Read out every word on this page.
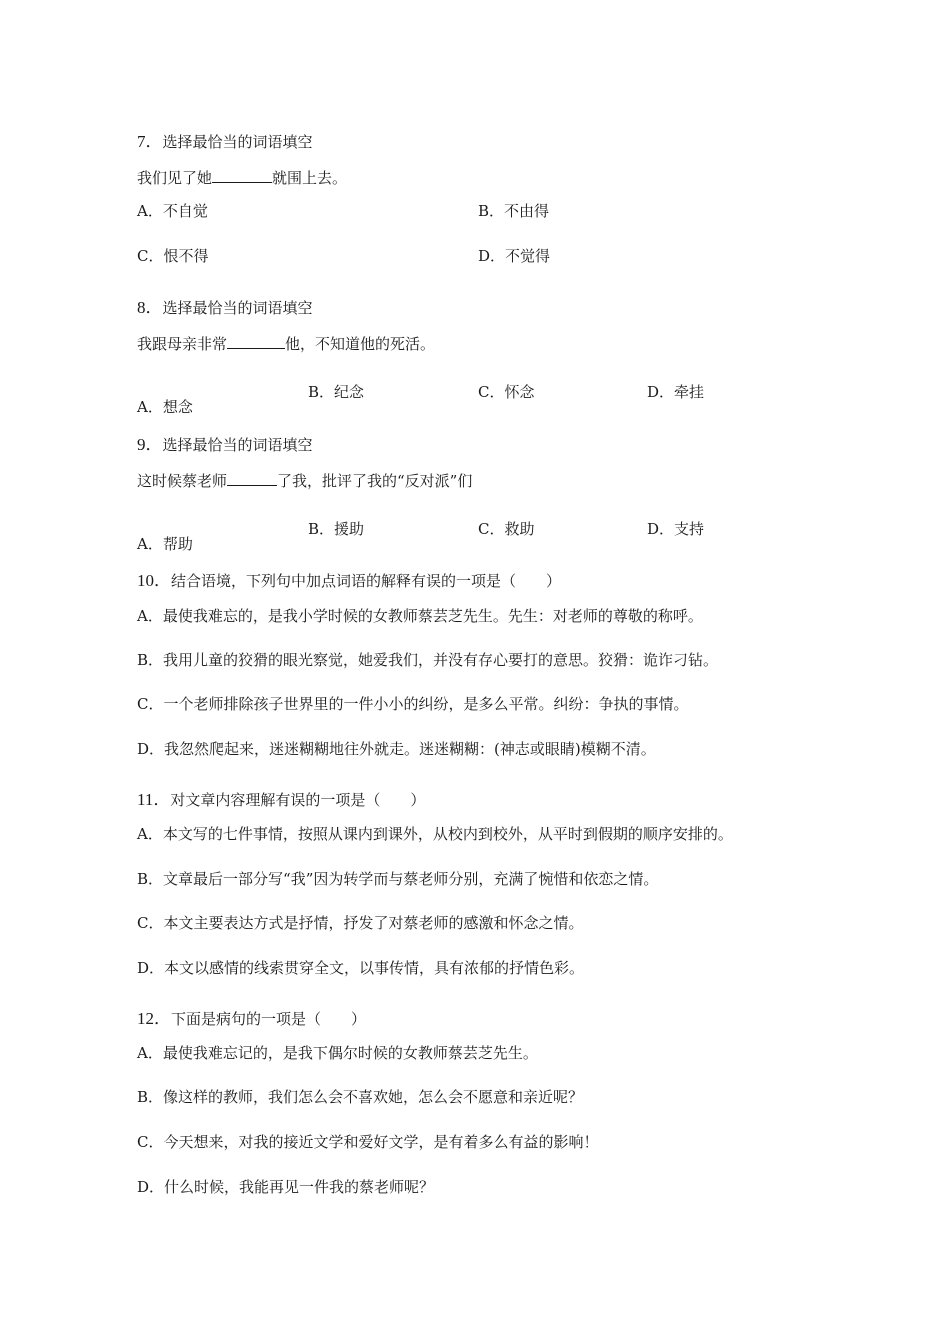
7．选择最恰当的词语填空
我们见了她	就围上去。
A．不自觉	B．不由得
C．恨不得	D．不觉得
8．选择最恰当的词语填空
我跟母亲非常	他，不知道他的死活。
A．想念
B．纪念	C．怀念	D．牵挂
9．选择最恰当的词语填空
这时候蔡老师	了我，批评了我的“反对派”们
A．帮助
B．援助	C．救助	D．支持
10．结合语境，下列句中加点词语的解释有误的一项是（　　）
A．最使我难忘的，是我小学时候的女教师蔡芸芝先生。先生：对老师的尊敬的称呼。
B．我用儿童的狡猾的眼光察觉，她爱我们，并没有存心要打的意思。狡猾：诡诈刁钻。
C．一个老师排除孩子世界里的一件小小的纠纷，是多么平常。纠纷：争执的事情。
D．我忽然爬起来，迷迷糊糊地往外就走。迷迷糊糊：(神志或眼睛)模糊不清。
11．对文章内容理解有误的一项是（　　）
A．本文写的七件事情，按照从课内到课外，从校内到校外，从平时到假期的顺序安排的。
B．文章最后一部分写“我”因为转学而与蔡老师分别，充满了惋惜和依恋之情。
C．本文主要表达方式是抒情，抒发了对蔡老师的感激和怀念之情。
D．本文以感情的线索贯穿全文，以事传情，具有浓郁的抒情色彩。
12．下面是病句的一项是（　　）
A．最使我难忘记的，是我下偶尔时候的女教师蔡芸芝先生。
B．像这样的教师，我们怎么会不喜欢她，怎么会不愿意和亲近呢？
C．今天想来，对我的接近文学和爱好文学，是有着多么有益的影响！
D．什么时候，我能再见一件我的蔡老师呢？
